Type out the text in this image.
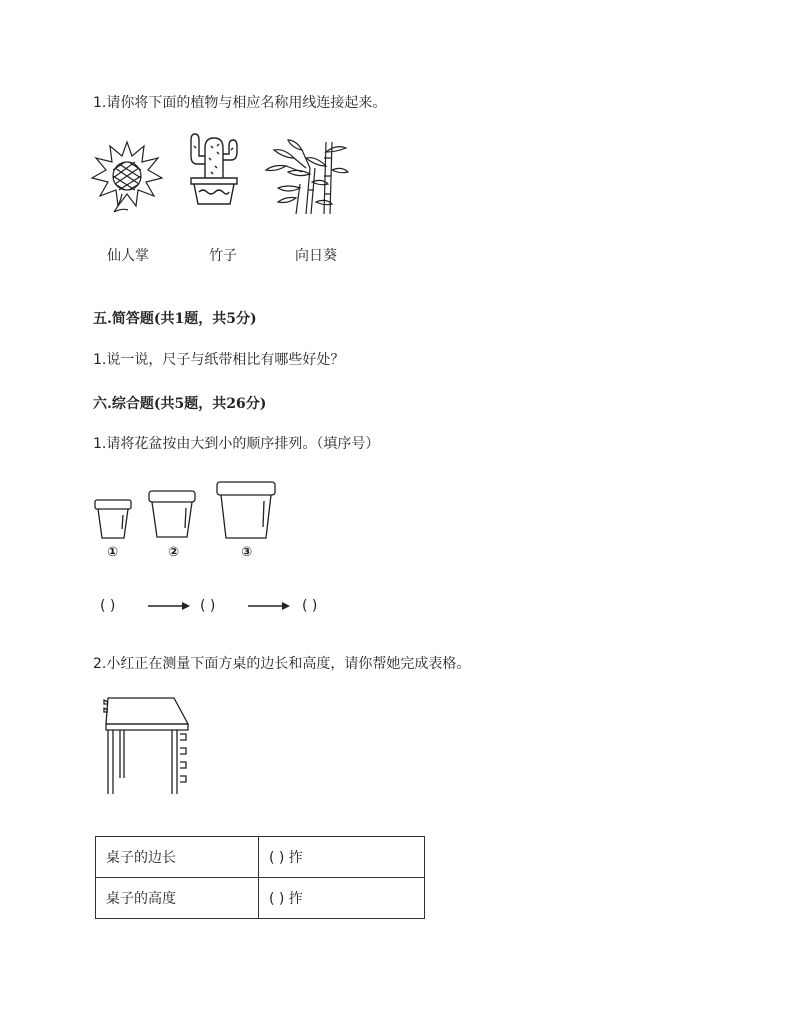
1.请你将下面的植物与相应名称用线连接起来。
仙人掌	竹子	向日葵
五.简答题(共1题，共5分)
1.说一说，尺子与纸带相比有哪些好处？
六.综合题(共5题，共26分)
1.请将花盆按由大到小的顺序排列。（填序号）
①	②	③
( )	( )	( )
2.小红正在测量下面方桌的边长和高度，请你帮她完成表格。
桌子的边长	( ) 拃
桌子的高度	( ) 拃
